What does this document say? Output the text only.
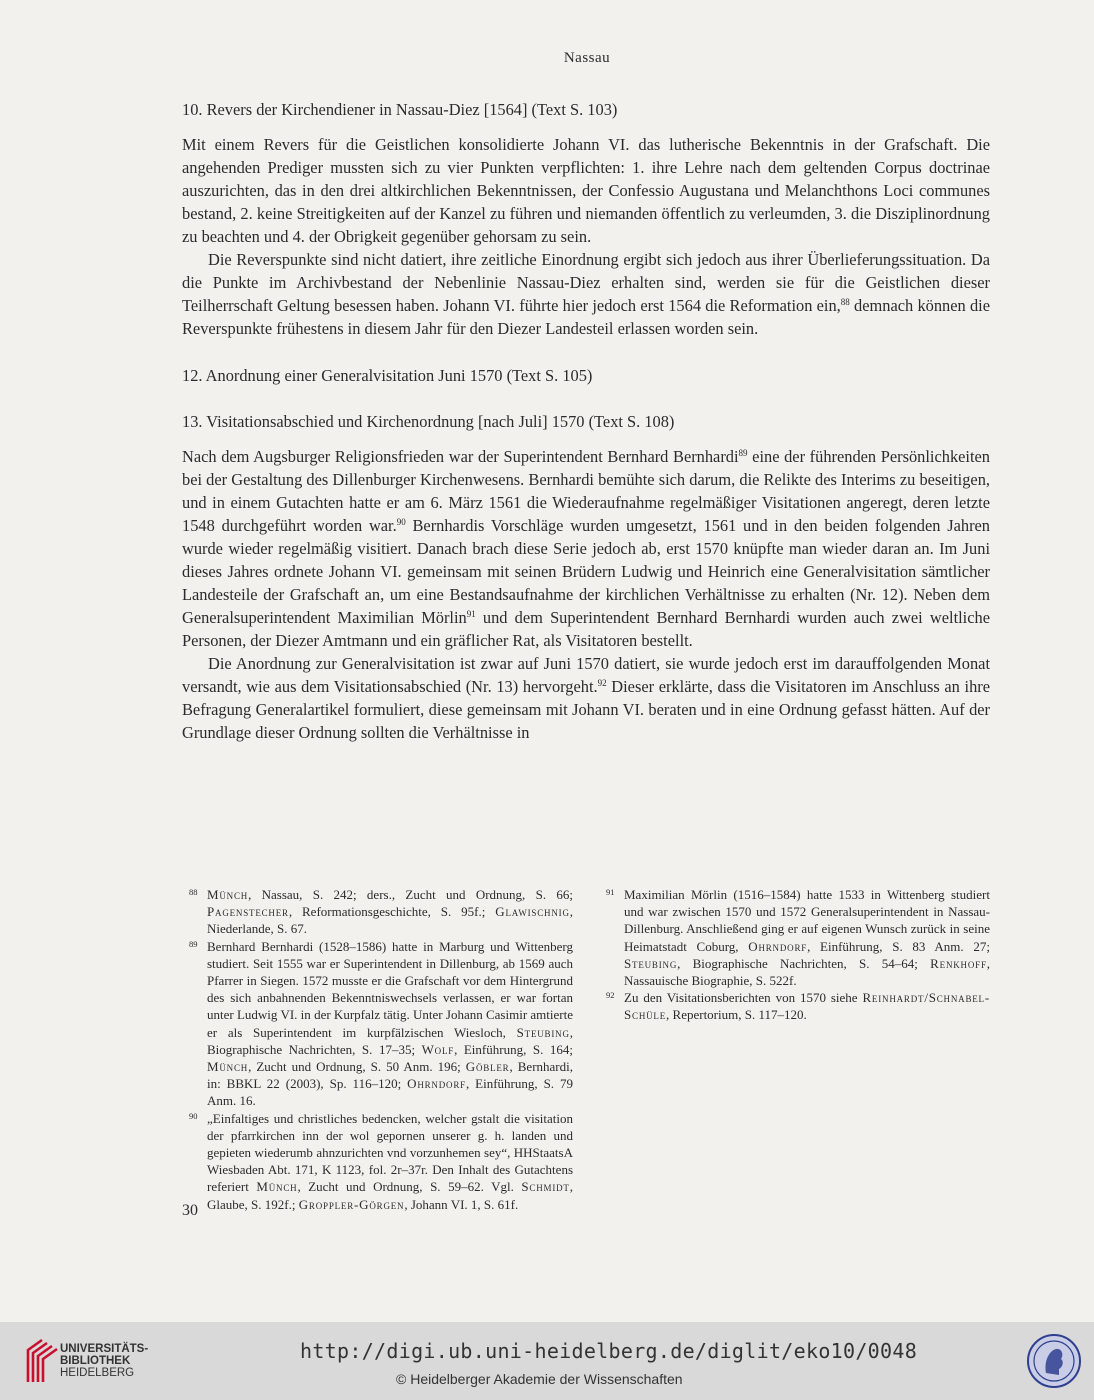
Nassau

10. Revers der Kirchendiener in Nassau-Diez [1564] (Text S. 103)

Mit einem Revers für die Geistlichen konsolidierte Johann VI. das lutherische Bekenntnis in der Grafschaft. Die angehenden Prediger mussten sich zu vier Punkten verpflichten: 1. ihre Lehre nach dem geltenden Corpus doctrinae auszurichten, das in den drei altkirchlichen Bekenntnissen, der Confessio Augustana und Melanchthons Loci communes bestand, 2. keine Streitigkeiten auf der Kanzel zu führen und niemanden öffentlich zu verleumden, 3. die Disziplinordnung zu beachten und 4. der Obrigkeit gegenüber gehorsam zu sein.

Die Reverspunkte sind nicht datiert, ihre zeitliche Einordnung ergibt sich jedoch aus ihrer Überlieferungssituation. Da die Punkte im Archivbestand der Nebenlinie Nassau-Diez erhalten sind, werden sie für die Geistlichen dieser Teilherrschaft Geltung besessen haben. Johann VI. führte hier jedoch erst 1564 die Reformation ein,$^{88}$ demnach können die Reverspunkte frühestens in diesem Jahr für den Diezer Landesteil erlassen worden sein.

12. Anordnung einer Generalvisitation Juni 1570 (Text S. 105)

13. Visitationsabschied und Kirchenordnung [nach Juli] 1570 (Text S. 108)

Nach dem Augsburger Religionsfrieden war der Superintendent Bernhard Bernhardi$^{89}$ eine der führenden Persönlichkeiten bei der Gestaltung des Dillenburger Kirchenwesens. Bernhardi bemühte sich darum, die Relikte des Interims zu beseitigen, und in einem Gutachten hatte er am 6. März 1561 die Wiederaufnahme regelmäßiger Visitationen angeregt, deren letzte 1548 durchgeführt worden war.$^{90}$ Bernhardis Vorschläge wurden umgesetzt, 1561 und in den beiden folgenden Jahren wurde wieder regelmäßig visitiert. Danach brach diese Serie jedoch ab, erst 1570 knüpfte man wieder daran an. Im Juni dieses Jahres ordnete Johann VI. gemeinsam mit seinen Brüdern Ludwig und Heinrich eine Generalvisitation sämtlicher Landesteile der Grafschaft an, um eine Bestandsaufnahme der kirchlichen Verhältnisse zu erhalten (Nr. 12). Neben dem Generalsuperintendent Maximilian Mörlin$^{91}$ und dem Superintendent Bernhard Bernhardi wurden auch zwei weltliche Personen, der Diezer Amtmann und ein gräflicher Rat, als Visitatoren bestellt.

Die Anordnung zur Generalvisitation ist zwar auf Juni 1570 datiert, sie wurde jedoch erst im darauffolgenden Monat versandt, wie aus dem Visitationsabschied (Nr. 13) hervorgeht.$^{92}$ Dieser erklärte, dass die Visitatoren im Anschluss an ihre Befragung Generalartikel formuliert, diese gemeinsam mit Johann VI. beraten und in eine Ordnung gefasst hätten. Auf der Grundlage dieser Ordnung sollten die Verhältnisse in

88 Münch, Nassau, S. 242; ders., Zucht und Ordnung, S. 66; Pagenstecher, Reformationsgeschichte, S. 95f.; Glawischnig, Niederlande, S. 67.

89 Bernhard Bernhardi (1528–1586) hatte in Marburg und Wittenberg studiert. Seit 1555 war er Superintendent in Dillenburg, ab 1569 auch Pfarrer in Siegen. 1572 musste er die Grafschaft vor dem Hintergrund des sich anbahnenden Bekenntniswechsels verlassen, er war fortan unter Ludwig VI. in der Kurpfalz tätig. Unter Johann Casimir amtierte er als Superintendent im kurpfälzischen Wiesloch, Steubing, Biographische Nachrichten, S. 17–35; Wolf, Einführung, S. 164; Münch, Zucht und Ordnung, S. 50 Anm. 196; Göbler, Bernhardi, in: BBKL 22 (2003), Sp. 116–120; Ohrndorf, Einführung, S. 79 Anm. 16.

90 „Einfaltiges und christliches bedencken, welcher gstalt die visitation der pfarrkirchen inn der wol gepornen unserer g. h. landen und gepieten wiederumb ahnzurichten vnd vorzunhemen sey“, HHStaatsA Wiesbaden Abt. 171, K 1123, fol. 2r–37r. Den Inhalt des Gutachtens referiert Münch, Zucht und Ordnung, S. 59–62. Vgl. Schmidt, Glaube, S. 192f.; Groppler-Görgen, Johann VI. 1, S. 61f.

91 Maximilian Mörlin (1516–1584) hatte 1533 in Wittenberg studiert und war zwischen 1570 und 1572 Generalsuperintendent in Nassau-Dillenburg. Anschließend ging er auf eigenen Wunsch zurück in seine Heimatstadt Coburg, Ohrndorf, Einführung, S. 83 Anm. 27; Steubing, Biographische Nachrichten, S. 54–64; Renkhoff, Nassauische Biographie, S. 522f.

92 Zu den Visitationsberichten von 1570 siehe Reinhardt/Schnabel-Schüle, Repertorium, S. 117–120.

30
UNIVERSITÄTS-
BIBLIOTHEK
HEIDELBERG
http://digi.ub.uni-heidelberg.de/diglit/eko10/0048
© Heidelberger Akademie der Wissenschaften
